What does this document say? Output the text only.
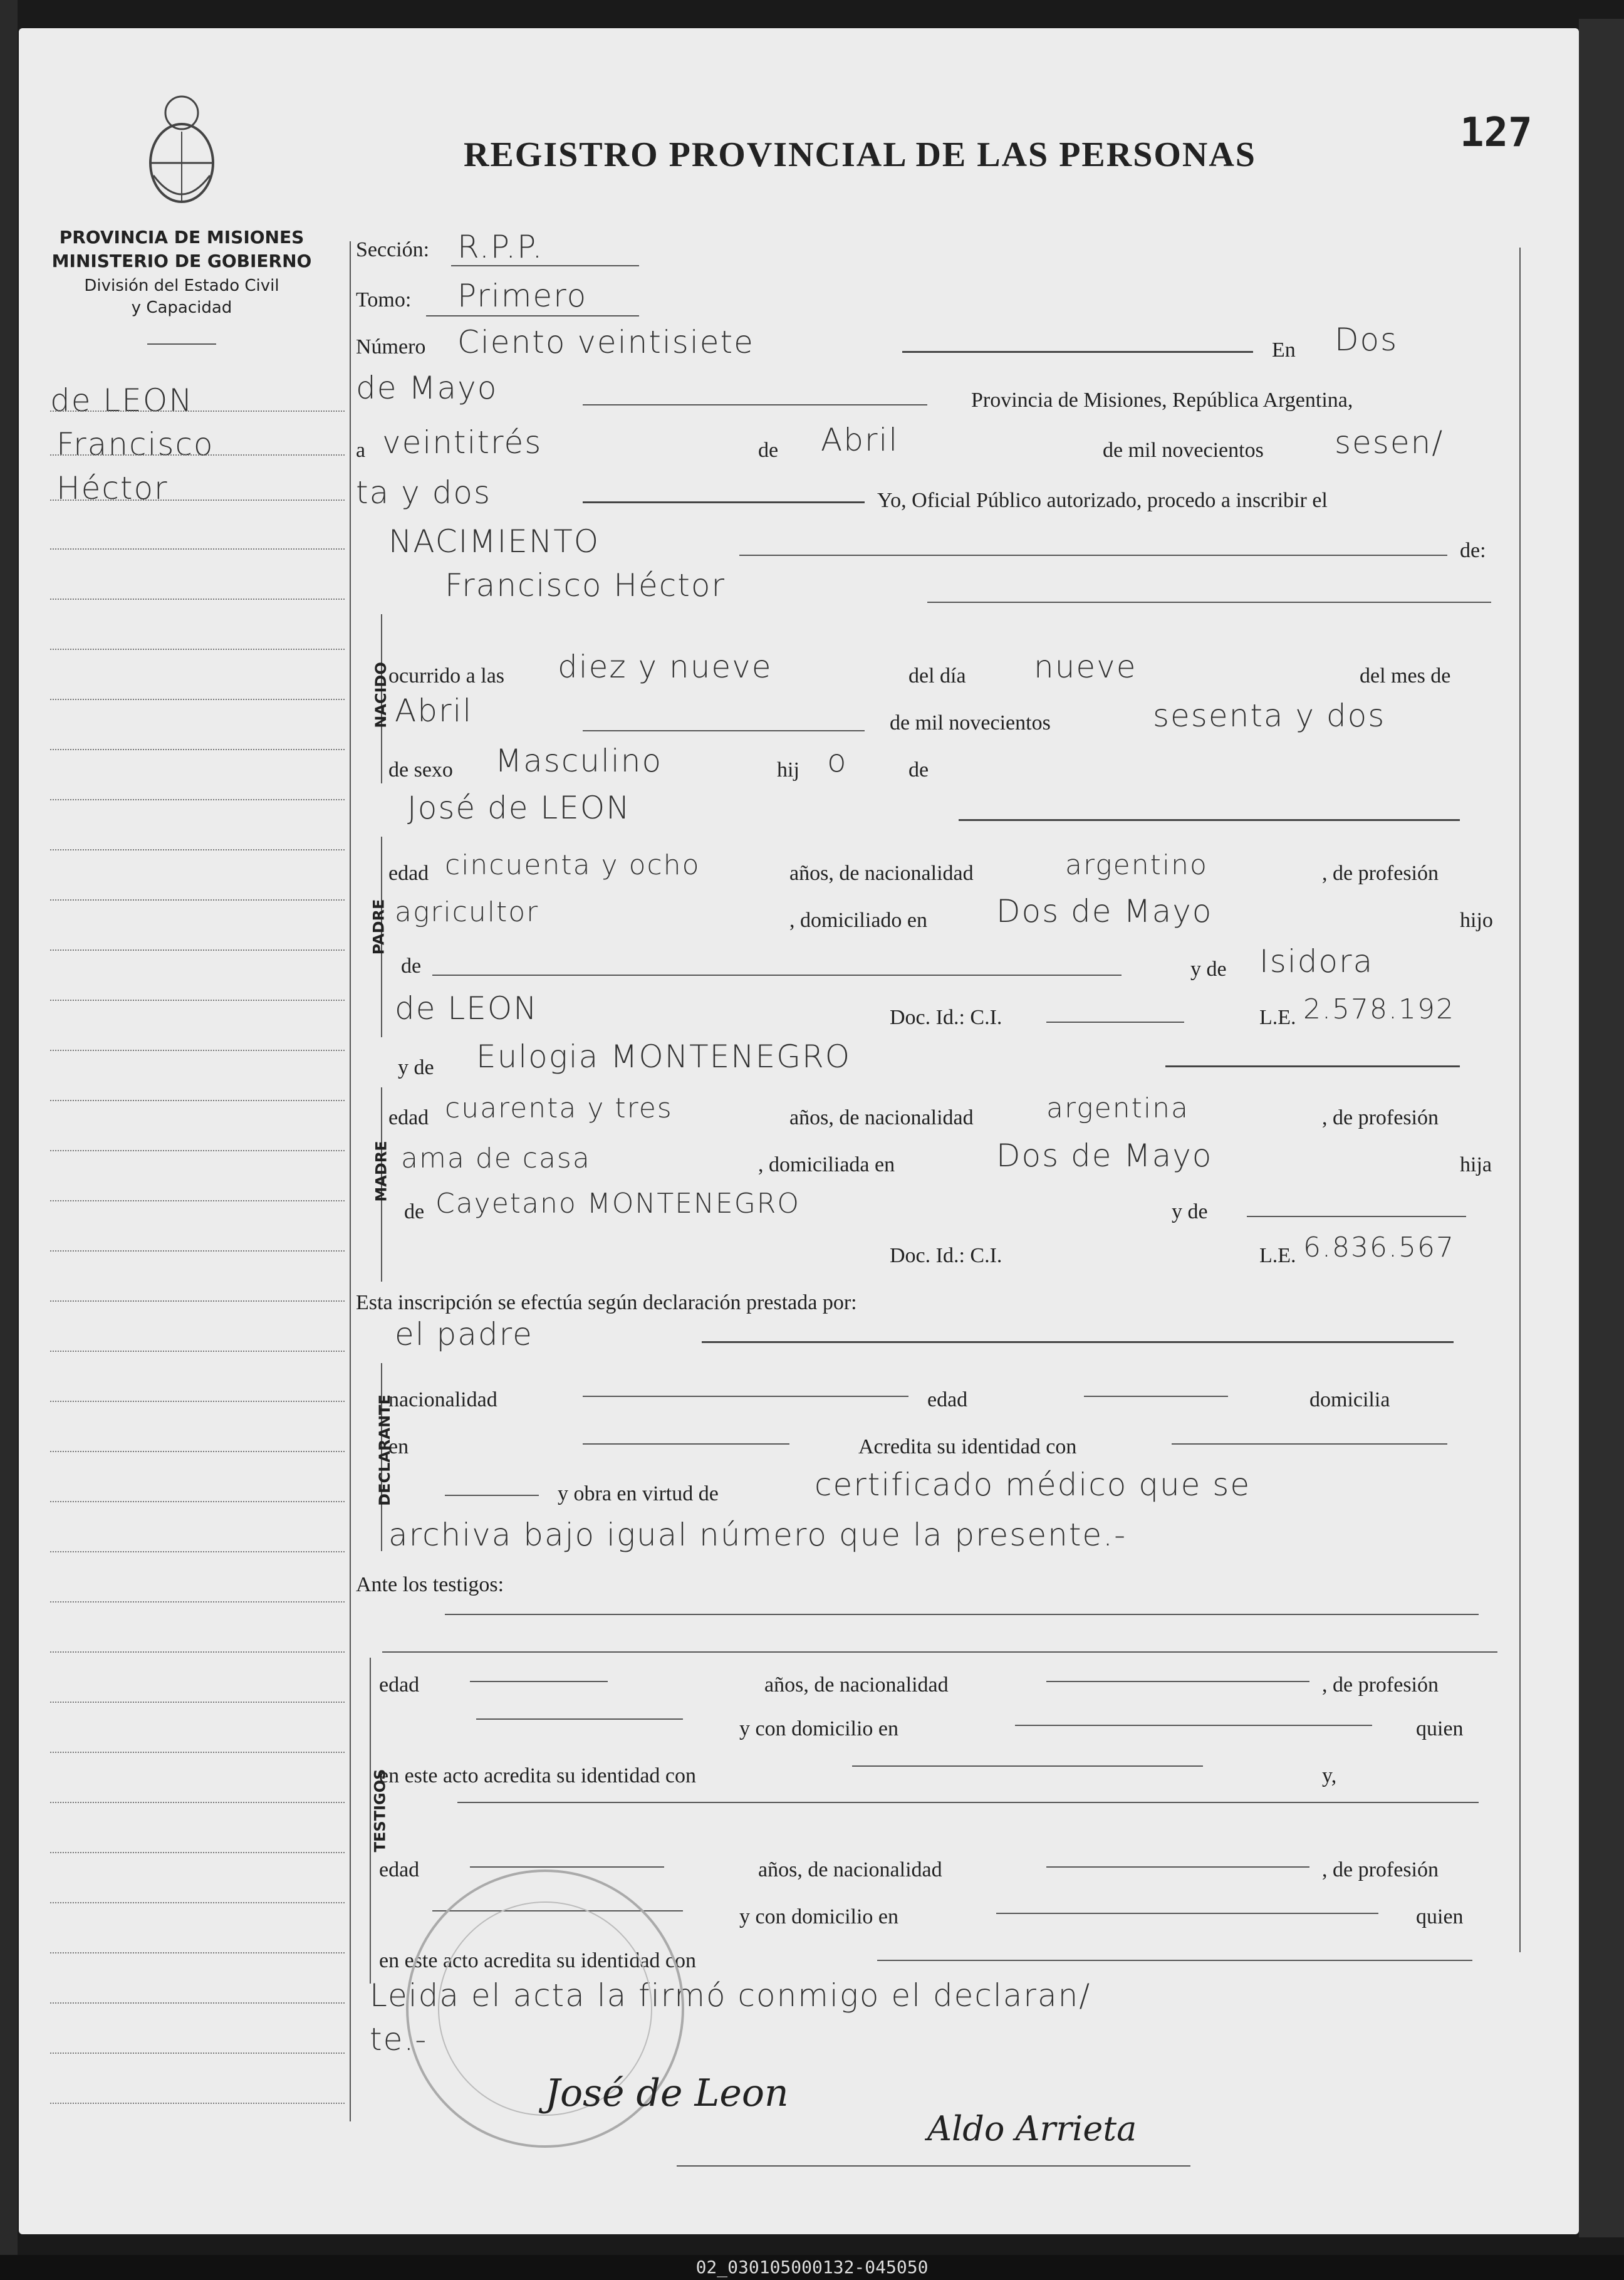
REGISTRO PROVINCIAL DE LAS PERSONAS	127
PROVINCIA DE MISIONES
MINISTERIO DE GOBIERNO
División del Estado Civil
y Capacidad
de LEON
Francisco
Héctor
Sección: R.P.P.
Tomo: Primero
Número Ciento veintisiete	En Dos
de Mayo	Provincia de Misiones, República Argentina,
a veintitrés	de Abril	de mil novecientos sesen/
ta y dos	Yo, Oficial Público autorizado, procedo a inscribir el
NACIMIENTO	de:
Francisco Héctor
NACIDO
ocurrido a las diez y nueve	del día nueve	del mes de
Abril	de mil novecientos	sesenta y dos
de sexo Masculino	hij o	de
José de LEON
PADRE
edad cincuenta y ocho	años, de nacionalidad	argentino	, de profesión
agricultor	, domiciliado en Dos de Mayo	hijo
de	y de Isidora
de LEON	Doc. Id.: C.I.	L.E. 2.578.192
y de Eulogia MONTENEGRO
MADRE
edad cuarenta y tres	años, de nacionalidad	argentina	, de profesión
ama de casa	, domiciliada en	Dos de Mayo	hija
de Cayetano MONTENEGRO	y de
Doc. Id.: C.I.	L.E. 6.836.567
Esta inscripción se efectúa según declaración prestada por:
el padre
DECLARANTE
nacionalidad	edad	domicilia
en	Acredita su identidad con
y obra en virtud de	certificado médico que se
archiva bajo igual número que la presente.-
Ante los testigos:
TESTIGOS
edad	años, de nacionalidad	, de profesión
y con domicilio en	quien
en este acto acredita su identidad con	y,
edad	años, de nacionalidad	, de profesión
y con domicilio en	quien
en este acto acredita su identidad con
Leida el acta la firmó conmigo el declaran/
te.-
José de Leon
Aldo Arrieta
02_030105000132-045050
